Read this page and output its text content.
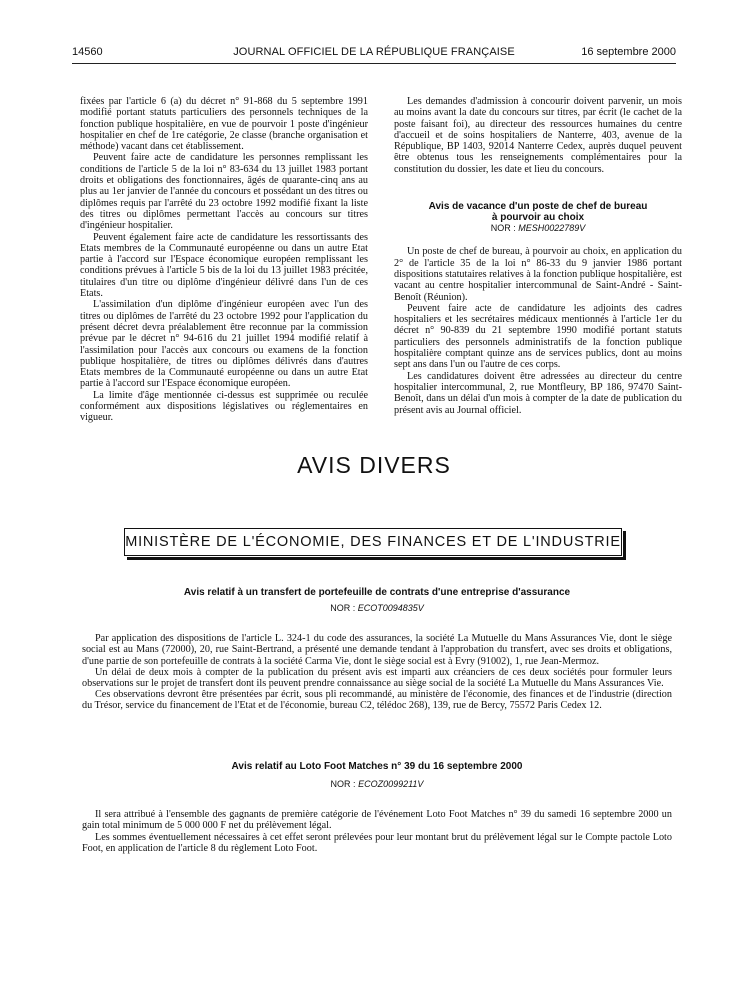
14560	JOURNAL OFFICIEL DE LA RÉPUBLIQUE FRANÇAISE	16 septembre 2000

fixées par l'article 6 (a) du décret n° 91-868 du 5 septembre 1991 modifié portant statuts particuliers des personnels techniques de la fonction publique hospitalière, en vue de pourvoir 1 poste d'ingénieur hospitalier en chef de 1re catégorie, 2e classe (branche organisation et méthode) vacant dans cet établissement.

Peuvent faire acte de candidature les personnes remplissant les conditions de l'article 5 de la loi n° 83-634 du 13 juillet 1983 portant droits et obligations des fonctionnaires, âgés de quarante-cinq ans au plus au 1er janvier de l'année du concours et possédant un des titres ou diplômes requis par l'arrêté du 23 octobre 1992 modifié fixant la liste des titres ou diplômes permettant l'accès au concours sur titres d'ingénieur hospitalier.

Peuvent également faire acte de candidature les ressortissants des Etats membres de la Communauté européenne ou dans un autre Etat partie à l'accord sur l'Espace économique européen remplissant les conditions prévues à l'article 5 bis de la loi du 13 juillet 1983 précitée, titulaires d'un titre ou diplôme d'ingénieur délivré dans l'un de ces Etats.

L'assimilation d'un diplôme d'ingénieur européen avec l'un des titres ou diplômes de l'arrêté du 23 octobre 1992 pour l'application du présent décret devra préalablement être reconnue par la commission prévue par le décret n° 94-616 du 21 juillet 1994 modifié relatif à l'assimilation pour l'accès aux concours ou examens de la fonction publique hospitalière, de titres ou diplômes délivrés dans d'autres Etats membres de la Communauté européenne ou dans un autre Etat partie à l'accord sur l'Espace économique européen.

La limite d'âge mentionnée ci-dessus est supprimée ou reculée conformément aux dispositions législatives ou réglementaires en vigueur.

Les demandes d'admission à concourir doivent parvenir, un mois au moins avant la date du concours sur titres, par écrit (le cachet de la poste faisant foi), au directeur des ressources humaines du centre d'accueil et de soins hospitaliers de Nanterre, 403, avenue de la République, BP 1403, 92014 Nanterre Cedex, auprès duquel peuvent être obtenus tous les renseignements complémentaires pour la constitution du dossier, les date et lieu du concours.

Avis de vacance d'un poste de chef de bureau
à pourvoir au choix

NOR : MESH0022789V

Un poste de chef de bureau, à pourvoir au choix, en application du 2° de l'article 35 de la loi n° 86-33 du 9 janvier 1986 portant dispositions statutaires relatives à la fonction publique hospitalière, est vacant au centre hospitalier intercommunal de Saint-André - Saint-Benoît (Réunion).

Peuvent faire acte de candidature les adjoints des cadres hospitaliers et les secrétaires médicaux mentionnés à l'article 1er du décret n° 90-839 du 21 septembre 1990 modifié portant statuts particuliers des personnels administratifs de la fonction publique hospitalière comptant quinze ans de services publics, dont au moins sept ans dans l'un ou l'autre de ces corps.

Les candidatures doivent être adressées au directeur du centre hospitalier intercommunal, 2, rue Montfleury, BP 186, 97470 Saint-Benoît, dans un délai d'un mois à compter de la date de publication du présent avis au Journal officiel.

AVIS DIVERS
MINISTÈRE DE L'ÉCONOMIE, DES FINANCES ET DE L'INDUSTRIE

Avis relatif à un transfert de portefeuille de contrats d'une entreprise d'assurance

NOR : ECOT0094835V

Par application des dispositions de l'article L. 324-1 du code des assurances, la société La Mutuelle du Mans Assurances Vie, dont le siège social est au Mans (72000), 20, rue Saint-Bertrand, a présenté une demande tendant à l'approbation du transfert, avec ses droits et obligations, d'une partie de son portefeuille de contrats à la société Carma Vie, dont le siège social est à Evry (91002), 1, rue Jean-Mermoz.

Un délai de deux mois à compter de la publication du présent avis est imparti aux créanciers de ces deux sociétés pour formuler leurs observations sur le projet de transfert dont ils peuvent prendre connaissance au siège social de la société La Mutuelle du Mans Assurances Vie.

Ces observations devront être présentées par écrit, sous pli recommandé, au ministère de l'économie, des finances et de l'industrie (direction du Trésor, service du financement de l'Etat et de l'économie, bureau C2, télédoc 268), 139, rue de Bercy, 75572 Paris Cedex 12.

Avis relatif au Loto Foot Matches n° 39 du 16 septembre 2000

NOR : ECOZ0099211V

Il sera attribué à l'ensemble des gagnants de première catégorie de l'événement Loto Foot Matches n° 39 du samedi 16 septembre 2000 un gain total minimum de 5 000 000 F net du prélèvement légal.

Les sommes éventuellement nécessaires à cet effet seront prélevées pour leur montant brut du prélèvement légal sur le Compte pactole Loto Foot, en application de l'article 8 du règlement Loto Foot.
